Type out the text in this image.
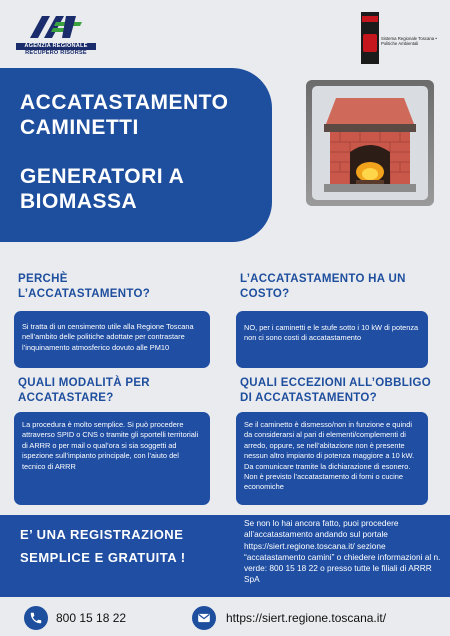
AGENZIA REGIONALE
RECUPERO RISORSE
Sistema Regionale Toscana • Politiche Ambientali
ACCATASTAMENTO CAMINETTI
GENERATORI A BIOMASSA
PERCHÈ L’ACCATASTAMENTO?
Si tratta di un censimento utile alla Regione Toscana nell’ambito delle politiche adottate per contrastare l’inquinamento atmosferico dovuto alle PM10
L’ACCATASTAMENTO HA UN COSTO?
NO, per i caminetti e le stufe sotto i 10 kW di potenza non ci sono costi di accatastamento
QUALI MODALITÀ PER ACCATASTARE?
La procedura è molto semplice. Si può procedere attraverso SPID o CNS o tramite gli sportelli territoriali di ARRR o per mail o qual’ora si sia soggetti ad ispezione sull’impianto principale, con l’aiuto del tecnico di ARRR
QUALI ECCEZIONI ALL’OBBLIGO DI ACCATASTAMENTO?
Se il caminetto è dismesso/non in funzione e quindi da considerarsi al pari di elementi/complementi di arredo, oppure, se nell’abitazione non è presente nessun altro impianto di potenza maggiore a 10 kW. Da comunicare tramite la dichiarazione di esonero. Non è previsto l’accatastamento di forni o cucine economiche
E’ UNA REGISTRAZIONE SEMPLICE E GRATUITA !
Se non lo hai ancora fatto, puoi procedere all’accatastamento andando sul portale https://siert.regione.toscana.it/ sezione “accatastamento camini” o chiedere informazioni al n. verde: 800 15 18 22 o presso tutte le filiali di ARRR SpA
800 15 18 22	https://siert.regione.toscana.it/
